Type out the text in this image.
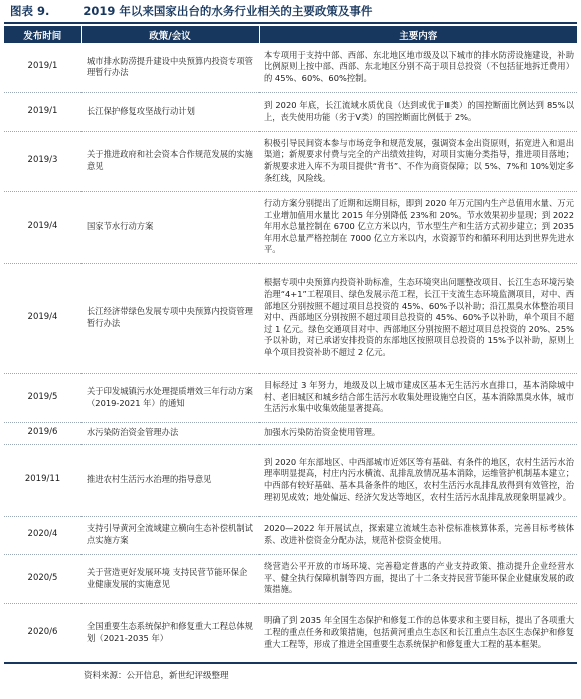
图表 9.	2019 年以来国家出台的水务行业相关的主要政策及事件
发布时间	政策/会议	主要内容
2019/1	城市排水防涝提升建设中央预算内投资专项管理暂行办法	本专项用于支持中部、西部、东北地区地市级及以下城市的排水防涝设施建设，补助比例原则上按中部、西部、东北地区分别不高于项目总投资（不包括征地拆迁费用）的 45%、60%、60%控制。
2019/1	长江保护修复攻坚战行动计划	到 2020 年底，长江流域水质优良（达到或优于Ⅲ类）的国控断面比例达到 85%以上，丧失使用功能（劣于Ⅴ类）的国控断面比例低于 2%。
2019/3	关于推进政府和社会资本合作规范发展的实施意见	积极引导民间资本参与市场竞争和规范发展，强调资本金出资原则，拓宽进入和退出渠道；新规要求付费与完全的产出绩效挂钩，对项目实施分类指导，推进项目落地；新规要求进入库不为项目提供“背书”、不作为商资保障；以 5%、7%和 10%划定多条红线，风险线。
2019/4	国家节水行动方案	行动方案分别提出了近期和远期目标，即到 2020 年万元国内生产总值用水量、万元工业增加值用水量比 2015 年分别降低 23%和 20%。节水效果初步显现；到 2022 年用水总量控制在 6700 亿立方米以内，节水型生产和生活方式初步建立；到 2035 年用水总量严格控制在 7000 亿立方米以内，水资源节约和循环利用达到世界先进水平。
2019/4	长江经济带绿色发展专项中央预算内投资管理暂行办法	根据专项中央预算内投资补助标准，生态环境突出问题整改项目、长江生态环境污染治理“4+1”工程项目、绿色发展示范工程，长江干支流生态环境监测项目，对中、西部地区分别按照不超过项目总投资的 45%、60%予以补助；沿江黑臭水体整治项目对中、西部地区分别按照不超过项目总投资的 45%、60%予以补助，单个项目不超过 1 亿元。绿色交通项目对中、西部地区分别按照不超过项目总投资的 20%、25%予以补助，对已承诺安排投资的东部地区按照项目总投资的 15%予以补助，原则上单个项目投资补助不超过 2 亿元。
2019/5	关于印发城镇污水处理提质增效三年行动方案（2019-2021 年）的通知	目标经过 3 年努力，地级及以上城市建成区基本无生活污水直排口，基本消除城中村、老旧城区和城乡结合部生活污水收集处理设施空白区，基本消除黑臭水体，城市生活污水集中收集效能显著提高。
2019/6	水污染防治资金管理办法	加强水污染防治资金使用管理。
2019/11	推进农村生活污水治理的指导意见	到 2020 年东部地区、中西部城市近郊区等有基础、有条件的地区，农村生活污水治理率明显提高，村庄内污水横流、乱排乱放情况基本消除，运维管护机制基本建立；中西部有较好基础、基本具备条件的地区，农村生活污水乱排乱放得到有效管控，治理初见成效；地处偏远、经济欠发达等地区，农村生活污水乱排乱放现象明显减少。
2020/4	支持引导黄河全流域建立横向生态补偿机制试点实施方案	2020—2022 年开展试点，探索建立流域生态补偿标准核算体系，完善目标考核体系、改进补偿资金分配办法，规范补偿资金使用。
2020/5	关于营造更好发展环境 支持民营节能环保企业健康发展的实施意见	绕营造公平开放的市场环境、完善稳定普惠的产业支持政策、推动提升企业经营水平、健全执行保障机制等四方面，提出了十二条支持民营节能环保企业健康发展的政策措施。
2020/6	全国重要生态系统保护和修复重大工程总体规划（2021-2035 年）	明确了到 2035 年全国生态保护和修复工作的总体要求和主要目标，提出了各项重大工程的重点任务和政策措施，包括黄河重点生态区和长江重点生态区生态保护和修复重大工程等，形成了推进全国重要生态系统保护和修复重大工程的基本框架。
资料来源：公开信息，新世纪评级整理
